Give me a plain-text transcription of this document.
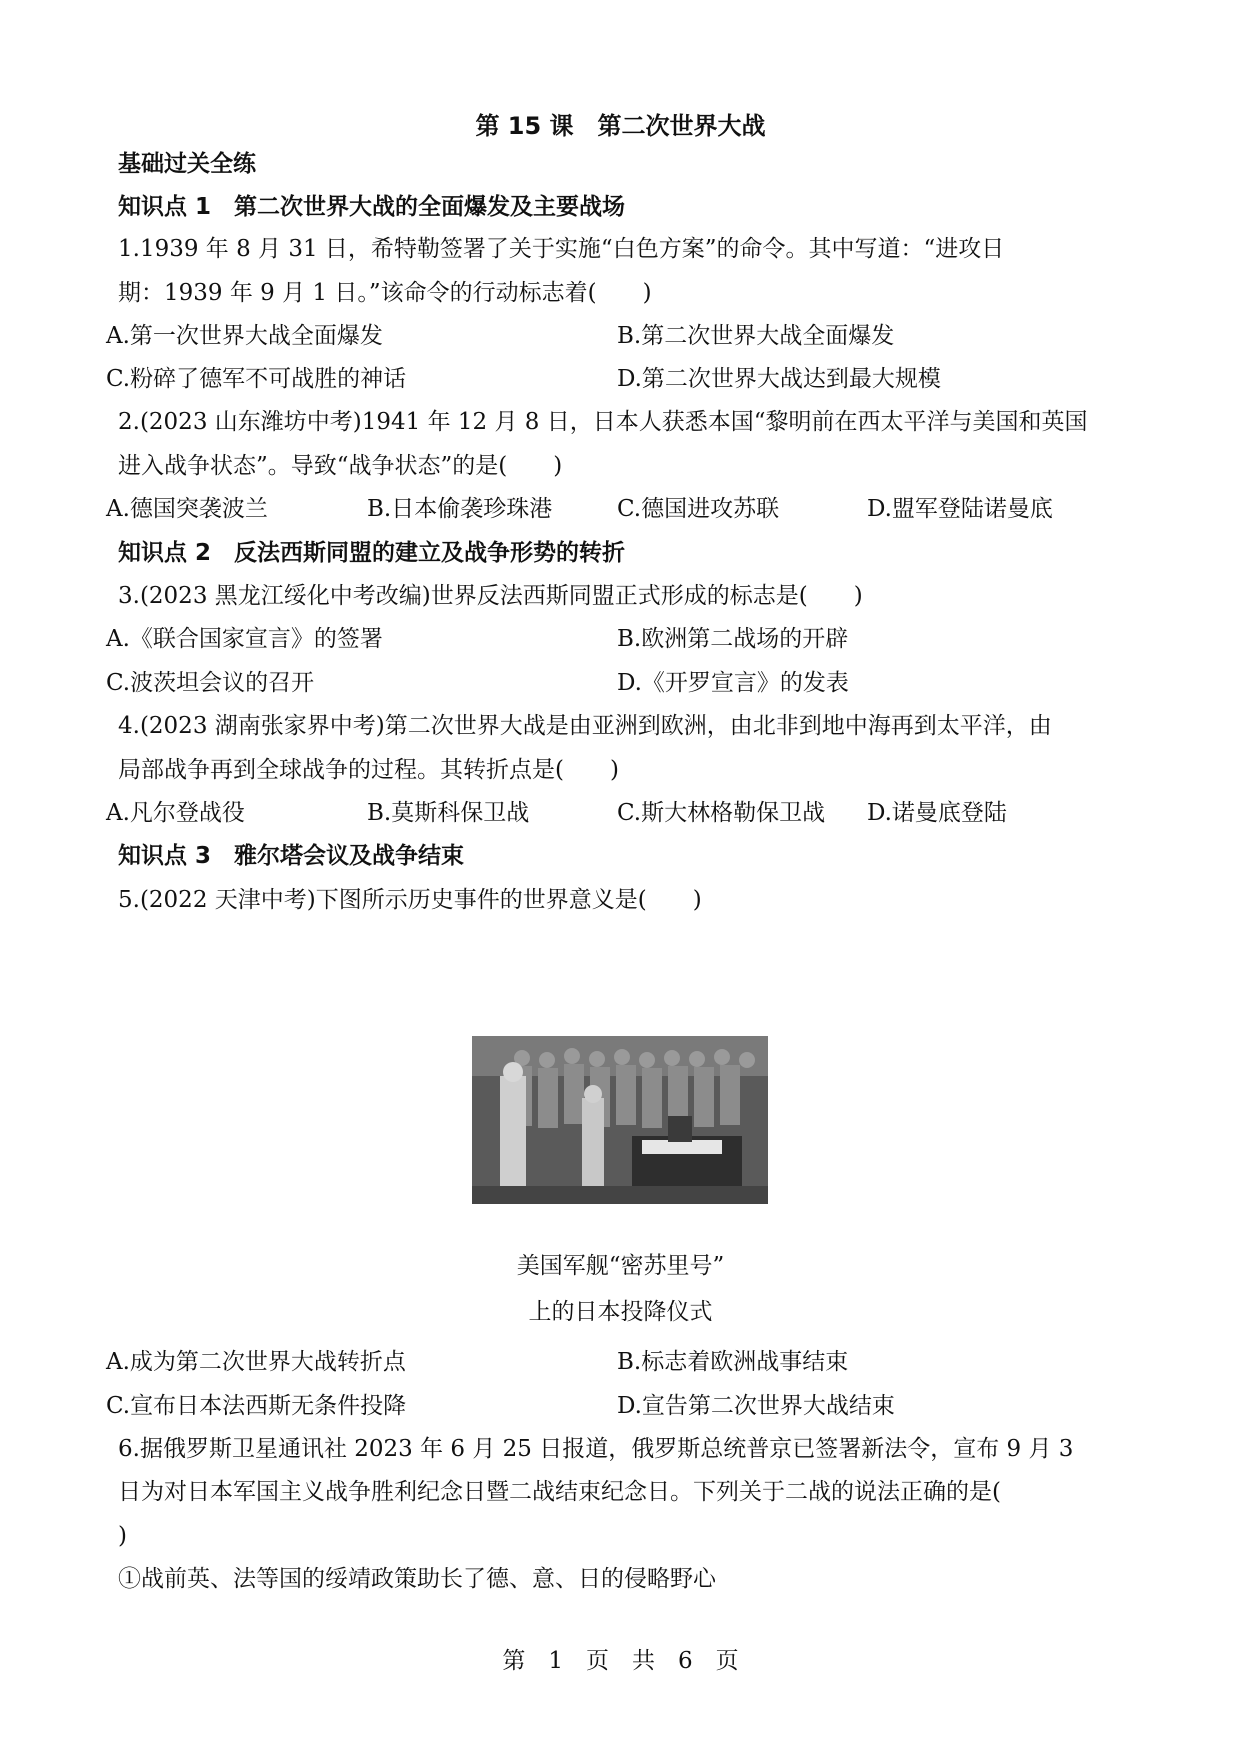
第 15 课　第二次世界大战
基础过关全练
知识点 1　第二次世界大战的全面爆发及主要战场
1.1939 年 8 月 31 日，希特勒签署了关于实施“白色方案”的命令。其中写道：“进攻日
期：1939 年 9 月 1 日。”该命令的行动标志着(　　)
A.第一次世界大战全面爆发	B.第二次世界大战全面爆发
C.粉碎了德军不可战胜的神话	D.第二次世界大战达到最大规模
2.(2023 山东潍坊中考)1941 年 12 月 8 日，日本人获悉本国“黎明前在西太平洋与美国和英国
进入战争状态”。导致“战争状态”的是(　　)
A.德国突袭波兰	B.日本偷袭珍珠港	C.德国进攻苏联	D.盟军登陆诺曼底
知识点 2　反法西斯同盟的建立及战争形势的转折
3.(2023 黑龙江绥化中考改编)世界反法西斯同盟正式形成的标志是(　　)
A.《联合国家宣言》的签署	B.欧洲第二战场的开辟
C.波茨坦会议的召开	D.《开罗宣言》的发表
4.(2023 湖南张家界中考)第二次世界大战是由亚洲到欧洲，由北非到地中海再到太平洋，由
局部战争再到全球战争的过程。其转折点是(　　)
A.凡尔登战役	B.莫斯科保卫战	C.斯大林格勒保卫战 D.诺曼底登陆
知识点 3　雅尔塔会议及战争结束
5.(2022 天津中考)下图所示历史事件的世界意义是(　　)
美国军舰“密苏里号”
上的日本投降仪式
A.成为第二次世界大战转折点	B.标志着欧洲战事结束
C.宣布日本法西斯无条件投降	D.宣告第二次世界大战结束
6.据俄罗斯卫星通讯社 2023 年 6 月 25 日报道，俄罗斯总统普京已签署新法令，宣布 9 月 3
日为对日本军国主义战争胜利纪念日暨二战结束纪念日。下列关于二战的说法正确的是(
)
①战前英、法等国的绥靖政策助长了德、意、日的侵略野心
第　1　页　共　6　页
